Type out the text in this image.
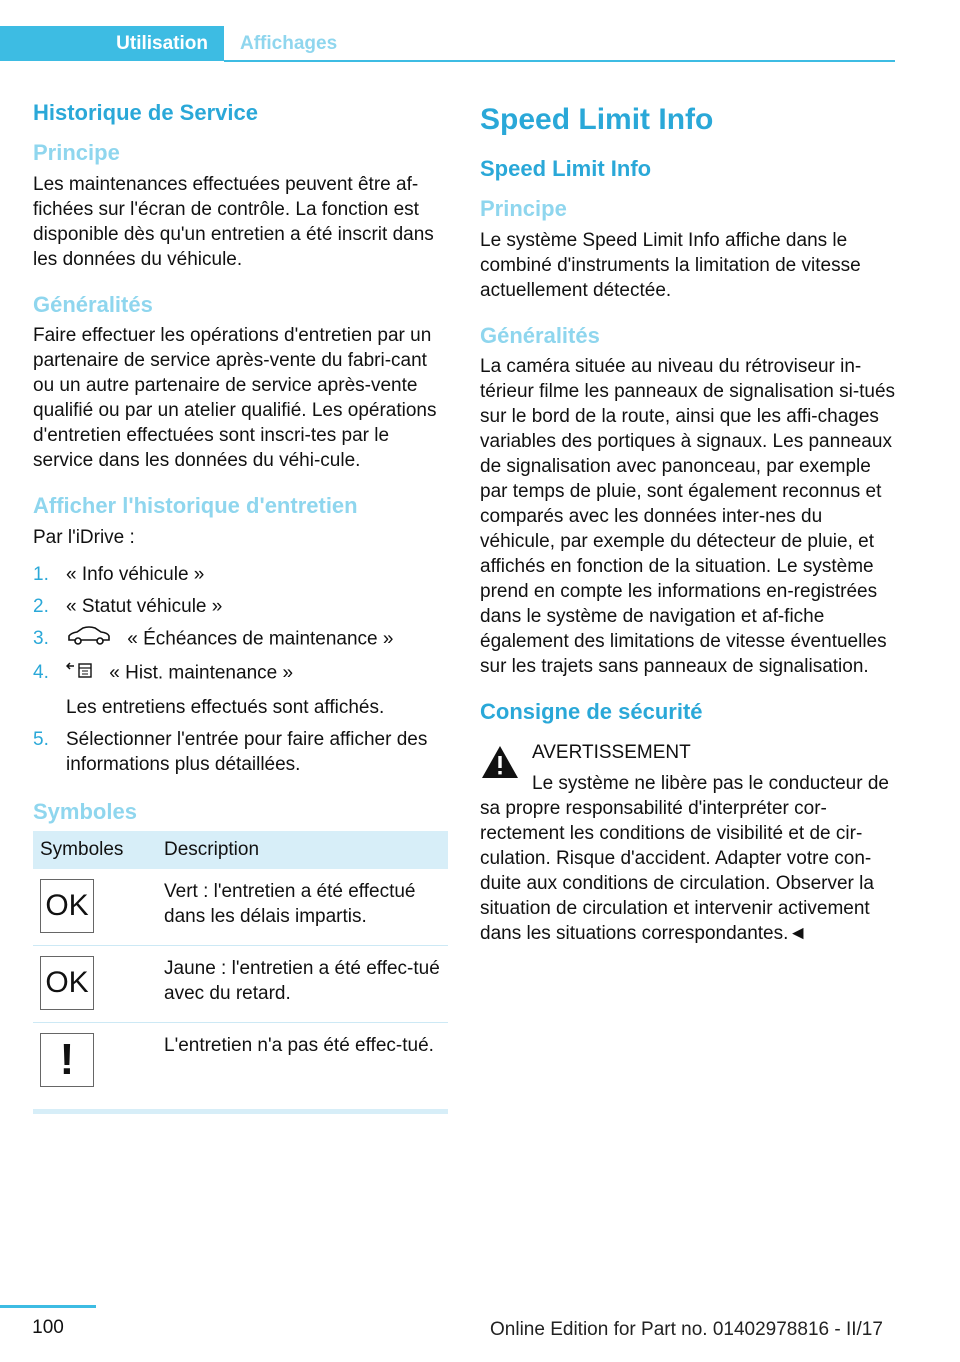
Utilisation	Affichages
Historique de Service
Principe
Les maintenances effectuées peuvent être af-fichées sur l'écran de contrôle. La fonction est disponible dès qu'un entretien a été inscrit dans les données du véhicule.
Généralités
Faire effectuer les opérations d'entretien par un partenaire de service après-vente du fabri-cant ou un autre partenaire de service après-vente qualifié ou par un atelier qualifié. Les opérations d'entretien effectuées sont inscri-tes par le service dans les données du véhi-cule.
Afficher l'historique d'entretien
Par l'iDrive :
1. « Info véhicule »
2. « Statut véhicule »
3.	« Échéances de maintenance »
4.	« Hist. maintenance »
Les entretiens effectués sont affichés.
5. Sélectionner l'entrée pour faire afficher des informations plus détaillées.
Symboles
Symboles	Description

OK	Vert : l'entretien a été effectué dans les délais impartis.

OK	Jaune : l'entretien a été effec-tué avec du retard.

!	L'entretien n'a pas été effec-tué.
Speed Limit Info
Speed Limit Info
Principe
Le système Speed Limit Info affiche dans le combiné d'instruments la limitation de vitesse actuellement détectée.
Généralités
La caméra située au niveau du rétroviseur in-térieur filme les panneaux de signalisation si-tués sur le bord de la route, ainsi que les affi-chages variables des portiques à signaux. Les panneaux de signalisation avec panonceau, par exemple par temps de pluie, sont également reconnus et comparés avec les données inter-nes du véhicule, par exemple du détecteur de pluie, et affichés en fonction de la situation. Le système prend en compte les informations en-registrées dans le système de navigation et af-fiche également des limitations de vitesse éventuelles sur les trajets sans panneaux de signalisation.
Consigne de sécurité
AVERTISSEMENT
Le système ne libère pas le conducteur de sa propre responsabilité d'interpréter cor-rectement les conditions de visibilité et de cir-culation. Risque d'accident. Adapter votre con-duite aux conditions de circulation. Observer la situation de circulation et intervenir activement dans les situations correspondantes.◄
100	Online Edition for Part no. 01402978816 - II/17
